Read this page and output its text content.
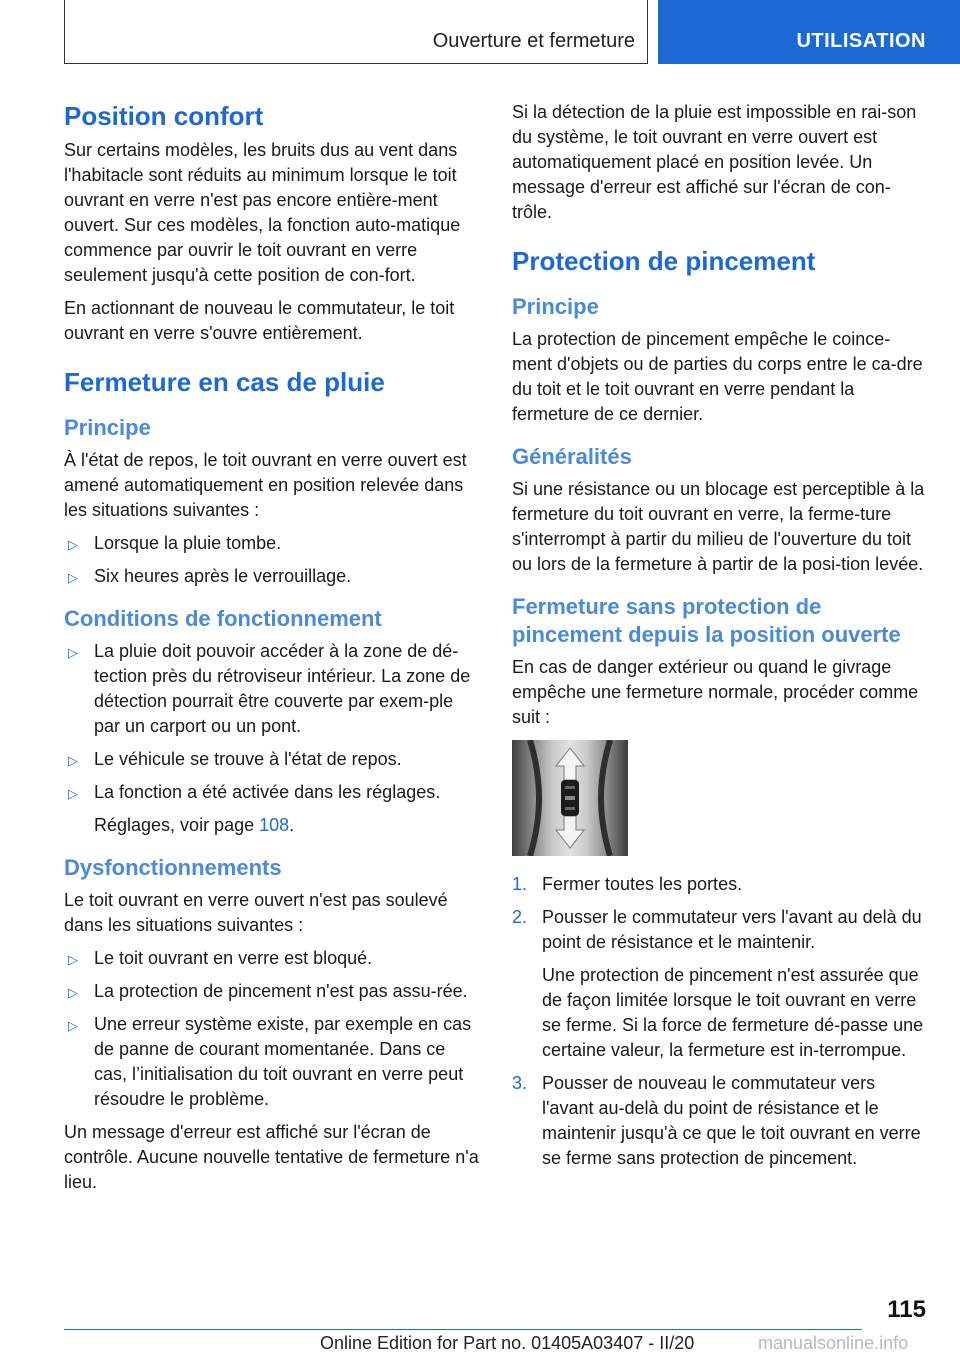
Ouverture et fermeture	UTILISATION
Position confort

Sur certains modèles, les bruits dus au vent dans l'habitacle sont réduits au minimum lorsque le toit ouvrant en verre n'est pas encore entière-ment ouvert. Sur ces modèles, la fonction auto-matique commence par ouvrir le toit ouvrant en verre seulement jusqu'à cette position de con-fort.

En actionnant de nouveau le commutateur, le toit ouvrant en verre s'ouvre entièrement.

Fermeture en cas de pluie
Principe

À l'état de repos, le toit ouvrant en verre ouvert est amené automatiquement en position relevée dans les situations suivantes :

▷ Lorsque la pluie tombe.
▷ Six heures après le verrouillage.
Conditions de fonctionnement
▷ La pluie doit pouvoir accéder à la zone de dé-tection près du rétroviseur intérieur. La zone de détection pourrait être couverte par exem-ple par un carport ou un pont.
▷ Le véhicule se trouve à l'état de repos.
▷ La fonction a été activée dans les réglages.

Réglages, voir page 108.

Dysfonctionnements

Le toit ouvrant en verre ouvert n'est pas soulevé dans les situations suivantes :

▷ Le toit ouvrant en verre est bloqué.
▷ La protection de pincement n'est pas assu-rée.
▷ Une erreur système existe, par exemple en cas de panne de courant momentanée. Dans ce cas, l’initialisation du toit ouvrant en verre peut résoudre le problème.

Un message d'erreur est affiché sur l'écran de contrôle. Aucune nouvelle tentative de fermeture n'a lieu.

Si la détection de la pluie est impossible en rai-son du système, le toit ouvrant en verre ouvert est automatiquement placé en position levée. Un message d'erreur est affiché sur l'écran de con-trôle.

Protection de pincement
Principe

La protection de pincement empêche le coince-ment d'objets ou de parties du corps entre le ca-dre du toit et le toit ouvrant en verre pendant la fermeture de ce dernier.

Généralités

Si une résistance ou un blocage est perceptible à la fermeture du toit ouvrant en verre, la ferme-ture s'interrompt à partir du milieu de l'ouverture du toit ou lors de la fermeture à partir de la posi-tion levée.

Fermeture sans protection de pincement depuis la position ouverte

En cas de danger extérieur ou quand le givrage empêche une fermeture normale, procéder comme suit :

1. Fermer toutes les portes.
2. Pousser le commutateur vers l'avant au delà du point de résistance et le maintenir.

Une protection de pincement n'est assurée que de façon limitée lorsque le toit ouvrant en verre se ferme. Si la force de fermeture dé-passe une certaine valeur, la fermeture est in-terrompue.

3. Pousser de nouveau le commutateur vers l'avant au-delà du point de résistance et le maintenir jusqu'à ce que le toit ouvrant en verre se ferme sans protection de pincement.
115
Online Edition for Part no. 01405A03407 - II/20	manualsonline.info
